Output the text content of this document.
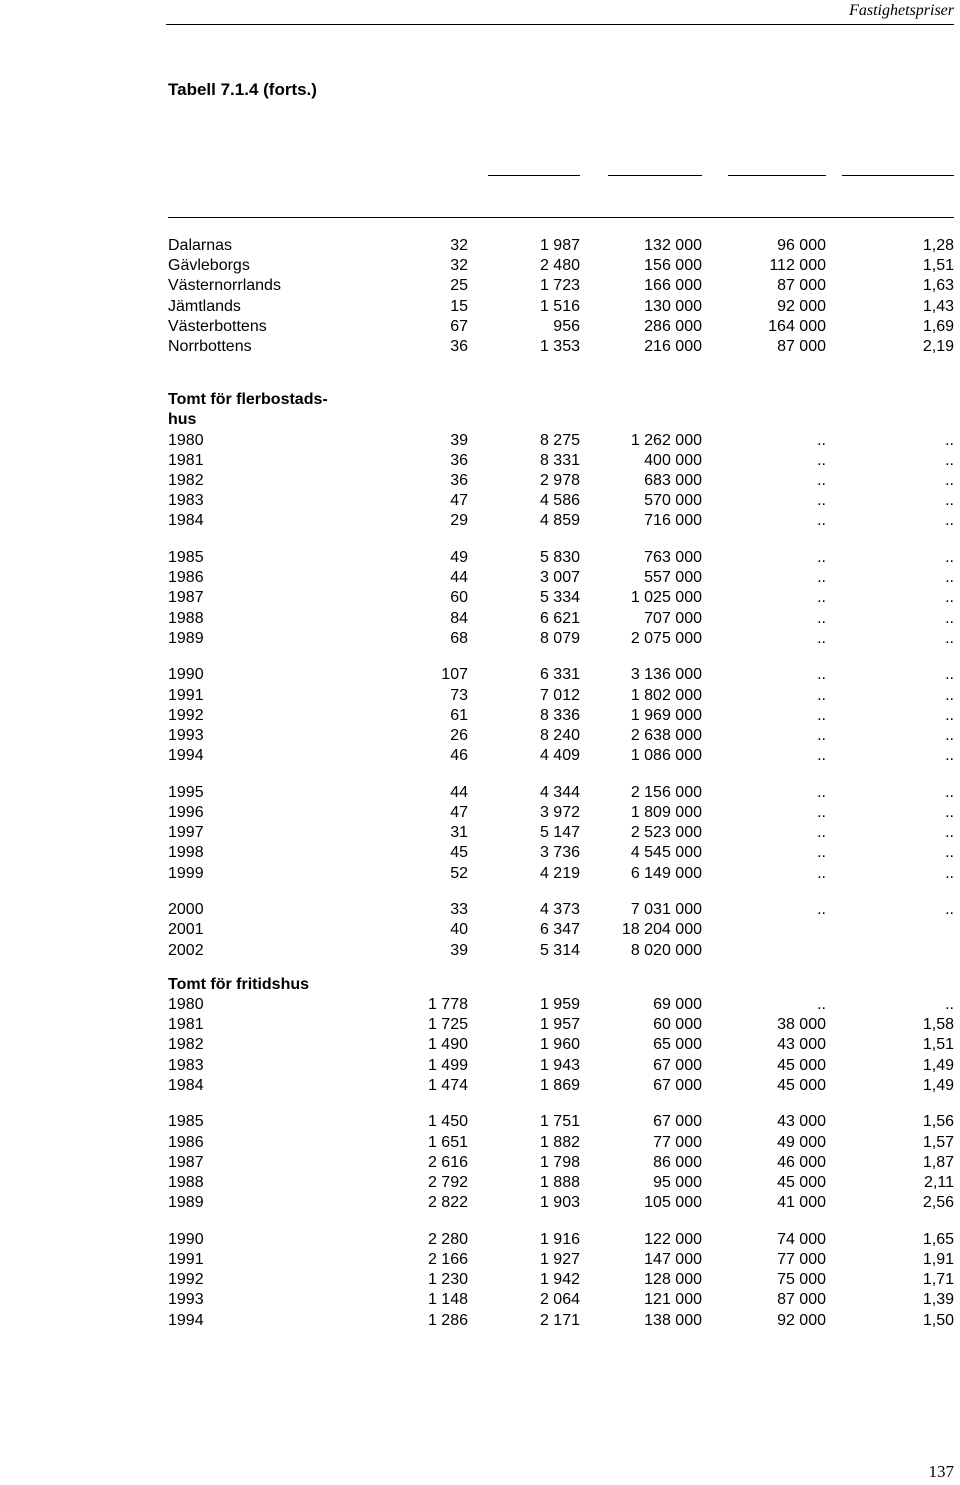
Fastighetspriser
Tabell 7.1.4 (forts.)
Dalarnas	32	1 987	132 000	96 000	1,28
Gävleborgs	32	2 480	156 000	112 000	1,51
Västernorrlands	25	1 723	166 000	87 000	1,63
Jämtlands	15	1 516	130 000	92 000	1,43
Västerbottens	67	956	286 000	164 000	1,69
Norrbottens	36	1 353	216 000	87 000	2,19
Tomt för flerbostads-
hus
1980	39	8 275	1 262 000	..	..
1981	36	8 331	400 000	..	..
1982	36	2 978	683 000	..	..
1983	47	4 586	570 000	..	..
1984	29	4 859	716 000	..	..
1985	49	5 830	763 000	..	..
1986	44	3 007	557 000	..	..
1987	60	5 334	1 025 000	..	..
1988	84	6 621	707 000	..	..
1989	68	8 079	2 075 000	..	..
1990	107	6 331	3 136 000	..	..
1991	73	7 012	1 802 000	..	..
1992	61	8 336	1 969 000	..	..
1993	26	8 240	2 638 000	..	..
1994	46	4 409	1 086 000	..	..
1995	44	4 344	2 156 000	..	..
1996	47	3 972	1 809 000	..	..
1997	31	5 147	2 523 000	..	..
1998	45	3 736	4 545 000	..	..
1999	52	4 219	6 149 000	..	..
2000	33	4 373	7 031 000	..	..
2001	40	6 347	18 204 000
2002	39	5 314	8 020 000
Tomt för fritidshus
1980	1 778	1 959	69 000	..	..
1981	1 725	1 957	60 000	38 000	1,58
1982	1 490	1 960	65 000	43 000	1,51
1983	1 499	1 943	67 000	45 000	1,49
1984	1 474	1 869	67 000	45 000	1,49
1985	1 450	1 751	67 000	43 000	1,56
1986	1 651	1 882	77 000	49 000	1,57
1987	2 616	1 798	86 000	46 000	1,87
1988	2 792	1 888	95 000	45 000	2,11
1989	2 822	1 903	105 000	41 000	2,56
1990	2 280	1 916	122 000	74 000	1,65
1991	2 166	1 927	147 000	77 000	1,91
1992	1 230	1 942	128 000	75 000	1,71
1993	1 148	2 064	121 000	87 000	1,39
1994	1 286	2 171	138 000	92 000	1,50
137
